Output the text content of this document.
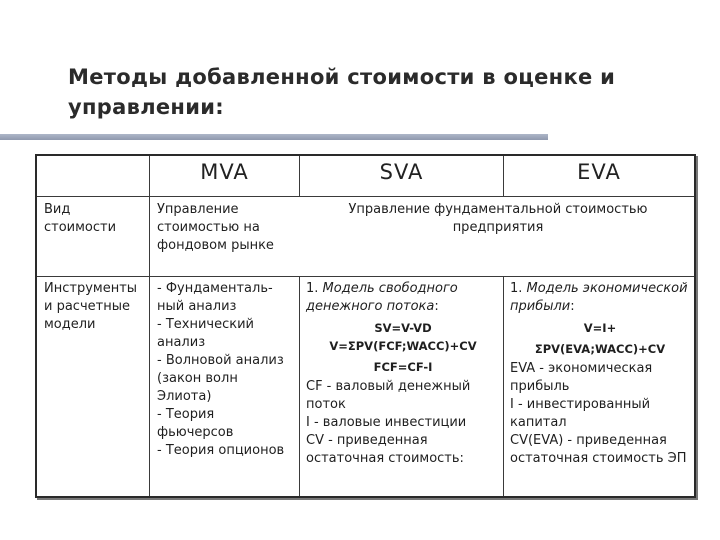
Методы добавленной стоимости в оценке и управлении:
MVA	SVA	EVA
Вид стоимости
Управление стоимостью на фондовом рынке
Управление фундаментальной стоимостью предприятия
Инструменты и расчетные модели

- Фундаменталь-ный анализ

- Технический анализ

- Волновой анализ (закон волн Элиота)

- Теория фьючерсов

- Теория опционов

1. Модель свободного денежного потока:

SV=V-VD

V=ΣPV(FCF;WACC)+CV

FCF=CF-I

CF - валовый денежный поток

I - валовые инвестиции

CV - приведенная остаточная стоимость:

1. Модель экономической прибыли:

V=I+

ΣPV(EVA;WACC)+CV

EVA - экономическая прибыль

I - инвестированный капитал

CV(EVA) - приведенная остаточная стоимость ЭП
